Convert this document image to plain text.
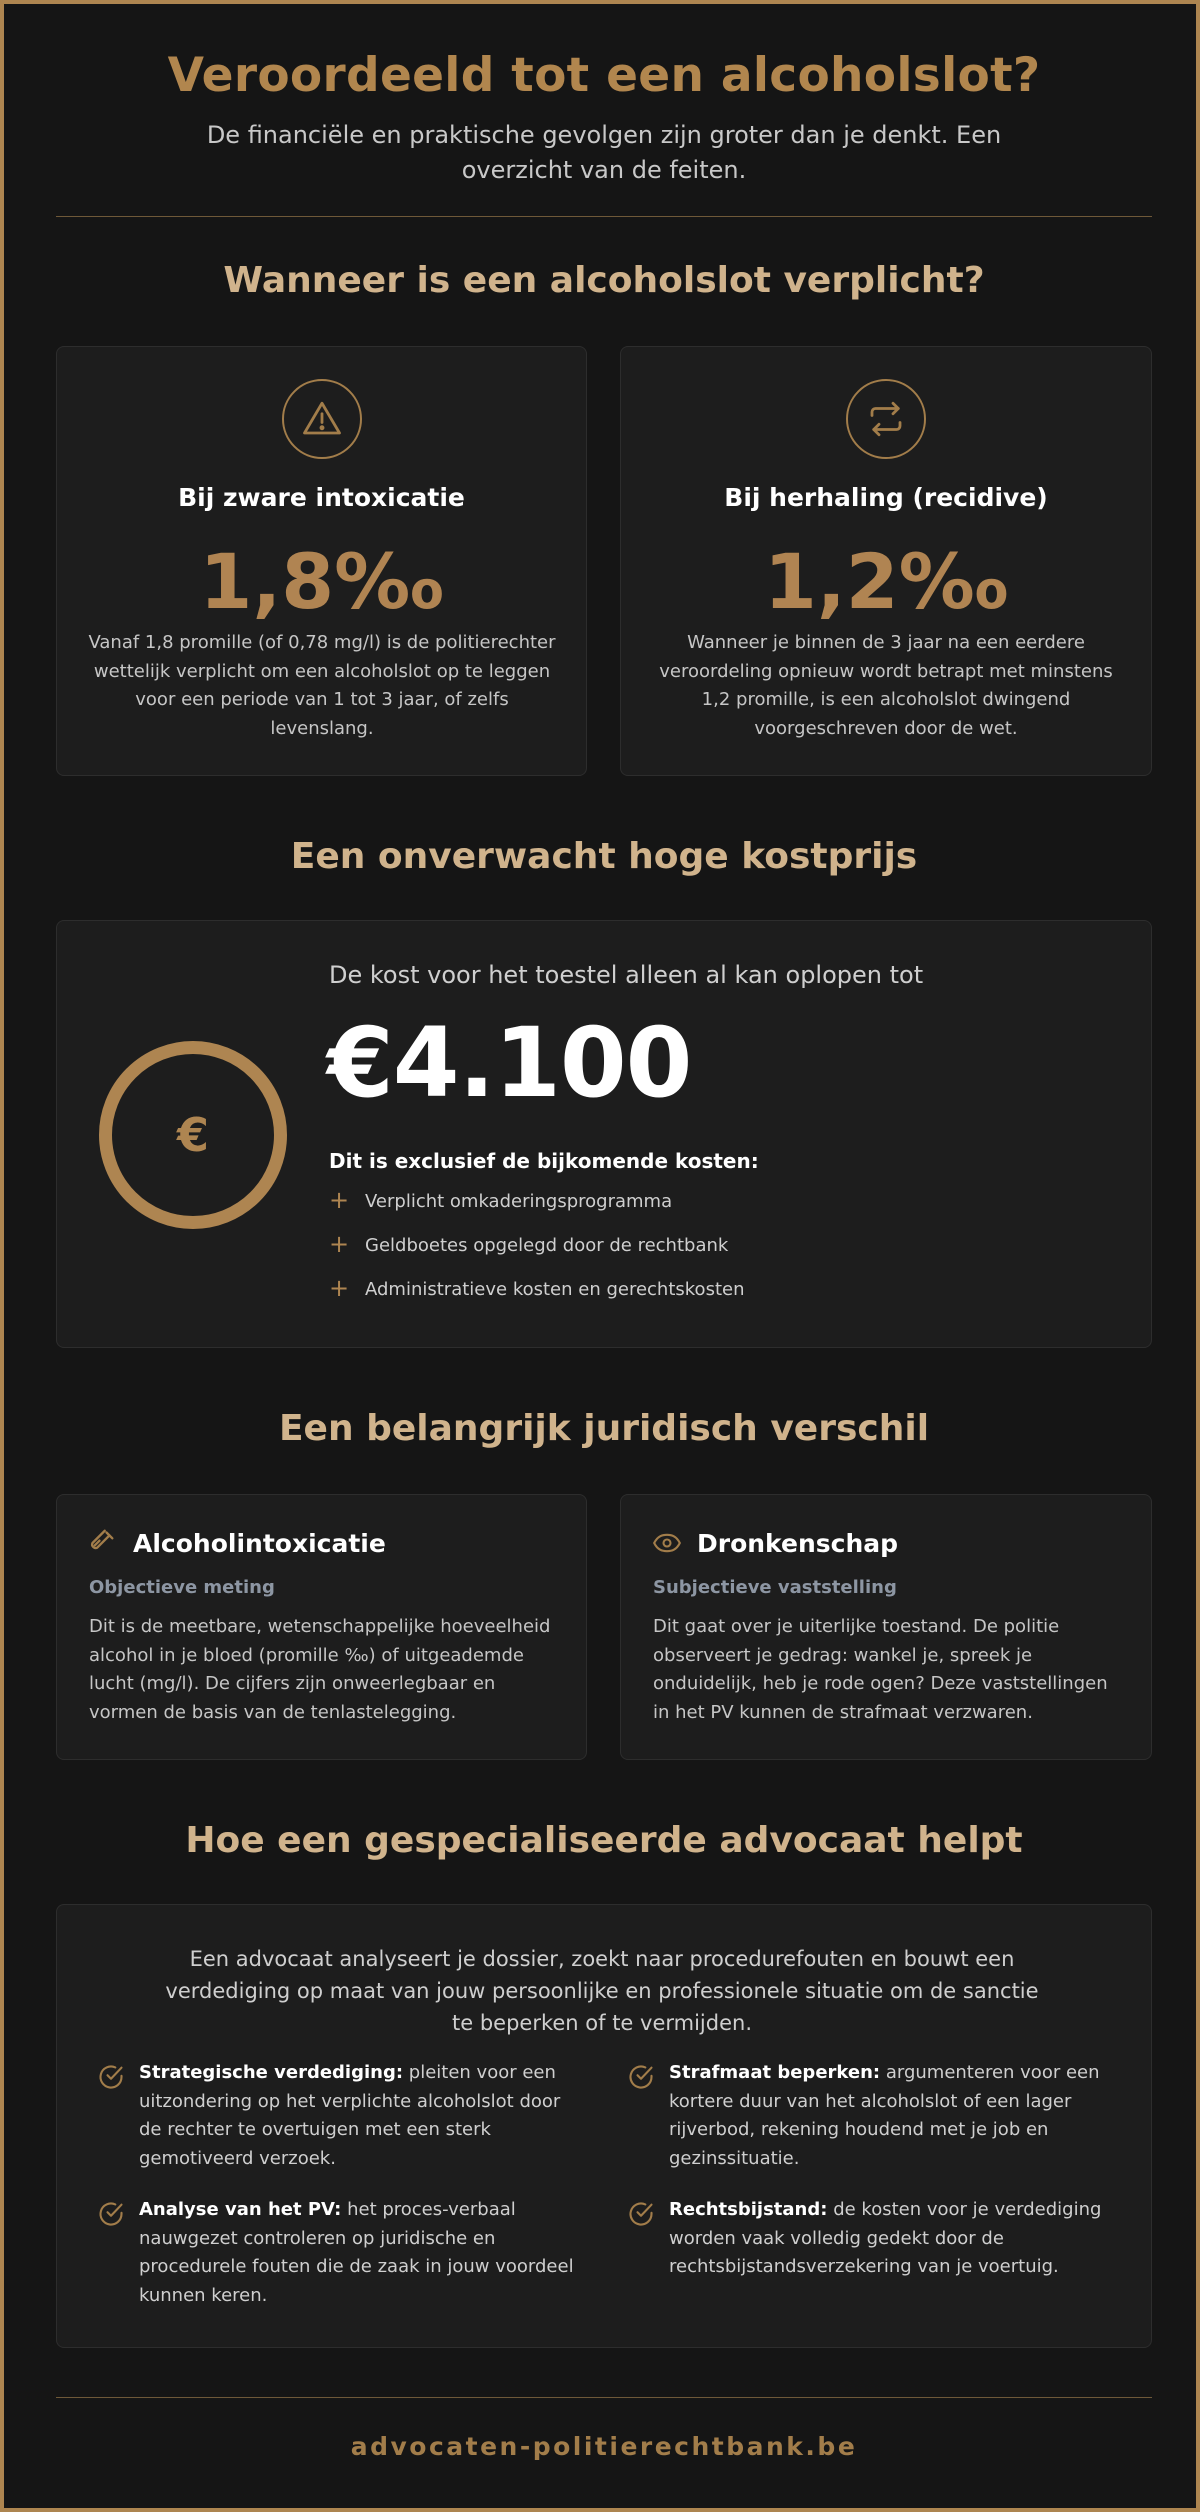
Veroordeeld tot een alcoholslot?

De financiële en praktische gevolgen zijn groter dan je denkt. Een overzicht van de feiten.

Wanneer is een alcoholslot verplicht?
Bij zware intoxicatie
1,8‰

Vanaf 1,8 promille (of 0,78 mg/l) is de politierechter wettelijk verplicht om een alcoholslot op te leggen voor een periode van 1 tot 3 jaar, of zelfs levenslang.

Bij herhaling (recidive)
1,2‰

Wanneer je binnen de 3 jaar na een eerdere veroordeling opnieuw wordt betrapt met minstens 1,2 promille, is een alcoholslot dwingend voorgeschreven door de wet.

Een onverwacht hoge kostprijs
€
De kost voor het toestel alleen al kan oplopen tot
€4.100
Dit is exclusief de bijkomende kosten:
+ Verplicht omkaderingsprogramma
+ Geldboetes opgelegd door de rechtbank
+ Administratieve kosten en gerechtskosten
Een belangrijk juridisch verschil
Alcoholintoxicatie
Objectieve meting

Dit is de meetbare, wetenschappelijke hoeveelheid alcohol in je bloed (promille ‰) of uitgeademde lucht (mg/l). De cijfers zijn onweerlegbaar en vormen de basis van de tenlastelegging.

Dronkenschap
Subjectieve vaststelling

Dit gaat over je uiterlijke toestand. De politie observeert je gedrag: wankel je, spreek je onduidelijk, heb je rode ogen? Deze vaststellingen in het PV kunnen de strafmaat verzwaren.

Hoe een gespecialiseerde advocaat helpt

Een advocaat analyseert je dossier, zoekt naar procedurefouten en bouwt een verdediging op maat van jouw persoonlijke en professionele situatie om de sanctie te beperken of te vermijden.

Strategische verdediging: pleiten voor een uitzondering op het verplichte alcoholslot door de rechter te overtuigen met een sterk gemotiveerd verzoek.

Strafmaat beperken: argumenteren voor een kortere duur van het alcoholslot of een lager rijverbod, rekening houdend met je job en gezinssituatie.

Analyse van het PV: het proces-verbaal nauwgezet controleren op juridische en procedurele fouten die de zaak in jouw voordeel kunnen keren.

Rechtsbijstand: de kosten voor je verdediging worden vaak volledig gedekt door de rechtsbijstandsverzekering van je voertuig.

advocaten-politierechtbank.be
